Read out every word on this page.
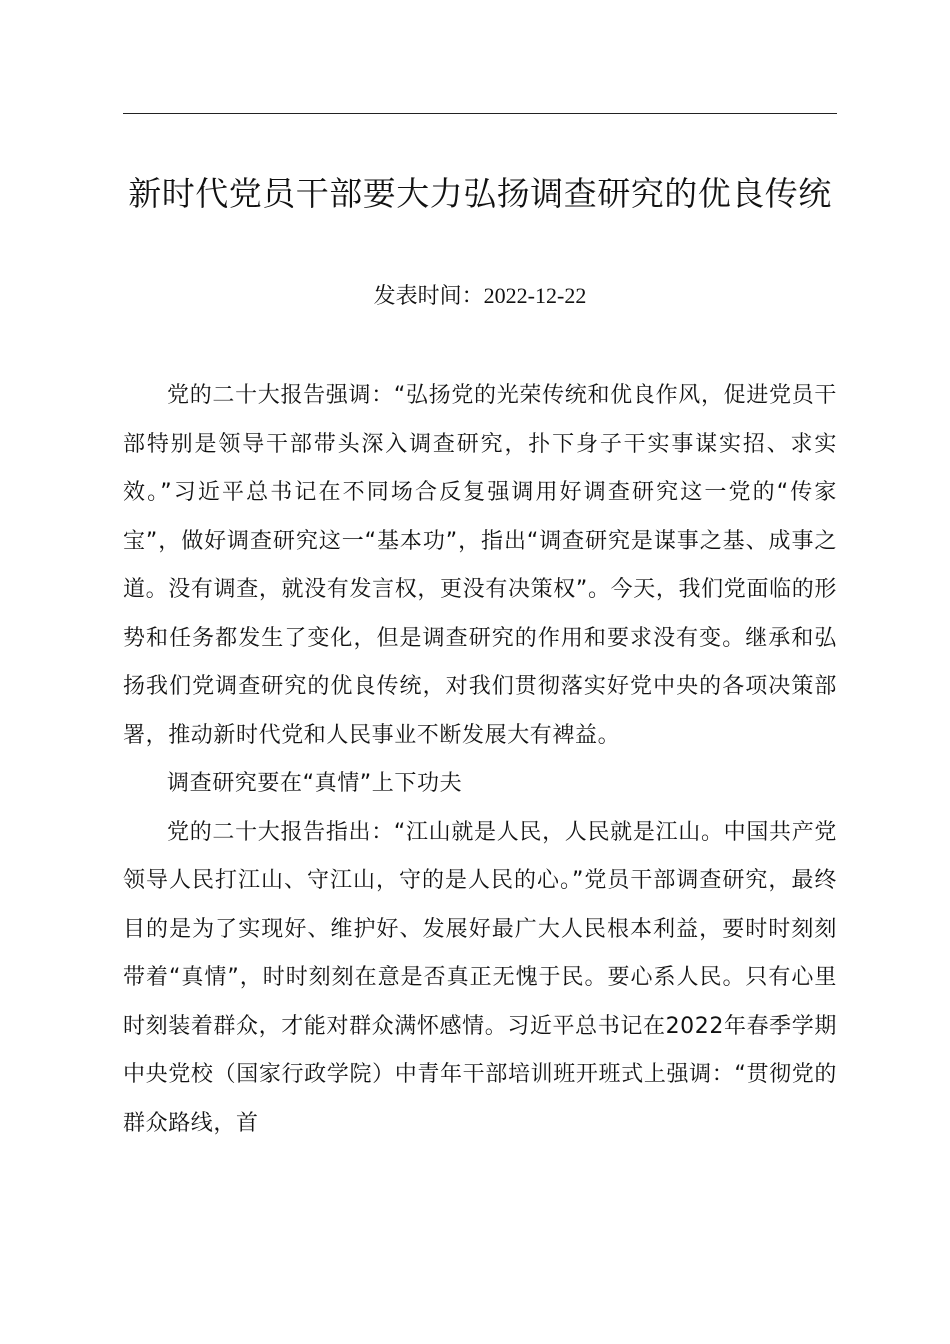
新时代党员干部要大力弘扬调查研究的优良传统
发表时间：2022-12-22

党的二十大报告强调：“弘扬党的光荣传统和优良作风，促进党员干部特别是领导干部带头深入调查研究，扑下身子干实事谋实招、求实效。”习近平总书记在不同场合反复强调用好调查研究这一党的“传家宝”，做好调查研究这一“基本功”，指出“调查研究是谋事之基、成事之道。没有调查，就没有发言权，更没有决策权”。今天，我们党面临的形势和任务都发生了变化，但是调查研究的作用和要求没有变。继承和弘扬我们党调查研究的优良传统，对我们贯彻落实好党中央的各项决策部署，推动新时代党和人民事业不断发展大有裨益。

调查研究要在“真情”上下功夫

党的二十大报告指出：“江山就是人民，人民就是江山。中国共产党领导人民打江山、守江山，守的是人民的心。”党员干部调查研究，最终目的是为了实现好、维护好、发展好最广大人民根本利益，要时时刻刻带着“真情”，时时刻刻在意是否真正无愧于民。要心系人民。只有心里时刻装着群众，才能对群众满怀感情。习近平总书记在2022年春季学期中央党校（国家行政学院）中青年干部培训班开班式上强调：“贯彻党的群众路线，首
